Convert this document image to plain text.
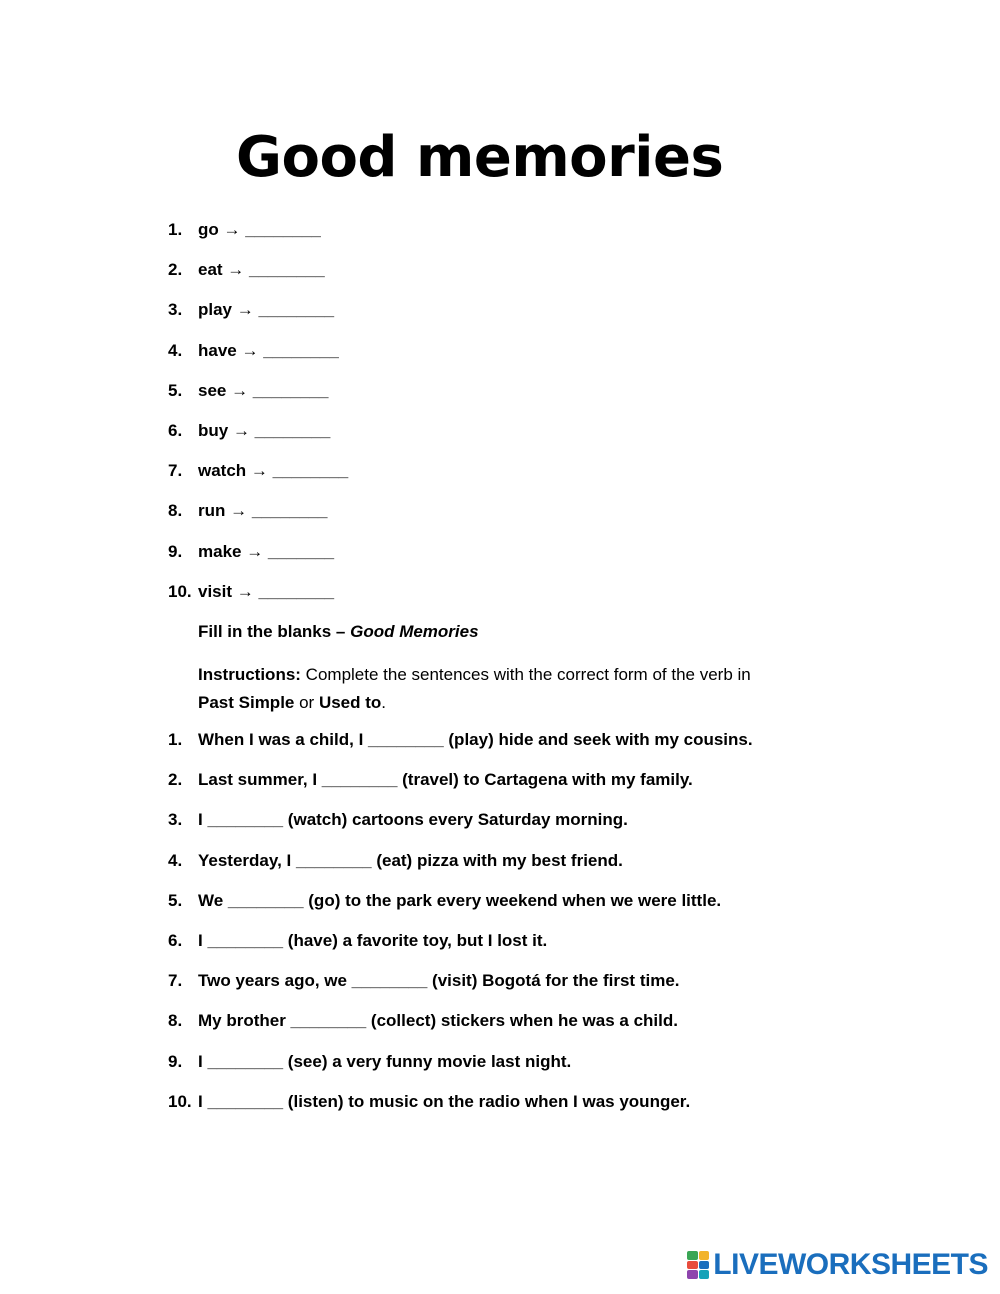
Good memories
1. go → ________
2. eat → ________
3. play → ________
4. have → ________
5. see → ________
6. buy → ________
7. watch → ________
8. run → ________
9. make → _______
10. visit → ________
Fill in the blanks – Good Memories
Instructions: Complete the sentences with the correct form of the verb in
Past Simple or Used to.
1. When I was a child, I ________ (play) hide and seek with my cousins.
2. Last summer, I ________ (travel) to Cartagena with my family.
3. I ________ (watch) cartoons every Saturday morning.
4. Yesterday, I ________ (eat) pizza with my best friend.
5. We ________ (go) to the park every weekend when we were little.
6. I ________ (have) a favorite toy, but I lost it.
7. Two years ago, we ________ (visit) Bogotá for the first time.
8. My brother ________ (collect) stickers when he was a child.
9. I ________ (see) a very funny movie last night.
10. I ________ (listen) to music on the radio when I was younger.
LIVEWORKSHEETS
